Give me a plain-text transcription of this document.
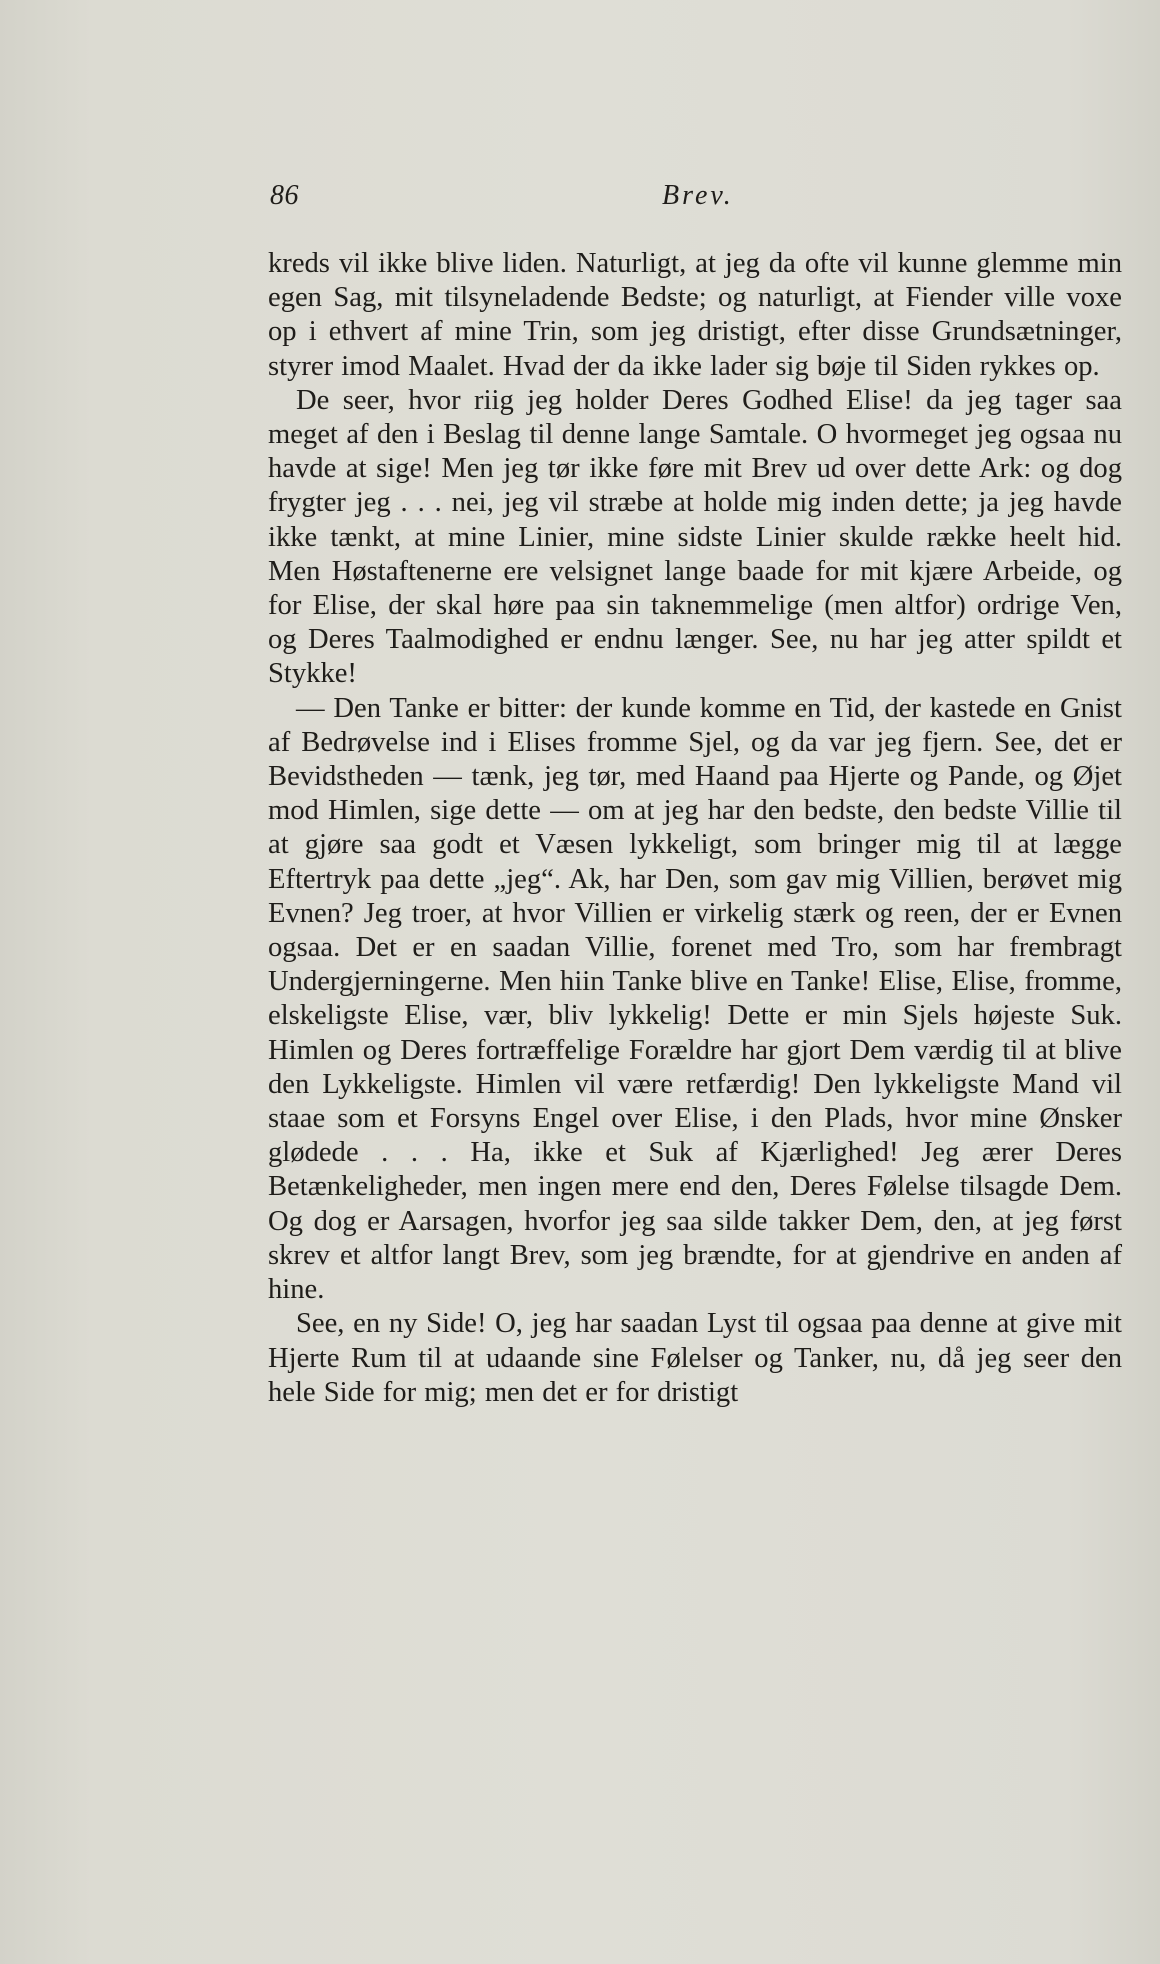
86	Brev.

kreds vil ikke blive liden. Naturligt, at jeg da ofte vil kunne glemme min egen Sag, mit tilsyneladende Bedste; og naturligt, at Fiender ville voxe op i ethvert af mine Trin, som jeg dristigt, efter disse Grundsætninger, styrer imod Maalet. Hvad der da ikke lader sig bøje til Siden rykkes op.

De seer, hvor riig jeg holder Deres Godhed Elise! da jeg tager saa meget af den i Beslag til denne lange Samtale. O hvormeget jeg ogsaa nu havde at sige! Men jeg tør ikke føre mit Brev ud over dette Ark: og dog frygter jeg . . . nei, jeg vil stræbe at holde mig inden dette; ja jeg havde ikke tænkt, at mine Linier, mine sidste Linier skulde række heelt hid. Men Høstaftenerne ere velsignet lange baade for mit kjære Arbeide, og for Elise, der skal høre paa sin taknemmelige (men altfor) ordrige Ven, og Deres Taalmodighed er endnu længer. See, nu har jeg atter spildt et Stykke!

— Den Tanke er bitter: der kunde komme en Tid, der kastede en Gnist af Bedrøvelse ind i Elises fromme Sjel, og da var jeg fjern. See, det er Bevidstheden — tænk, jeg tør, med Haand paa Hjerte og Pande, og Øjet mod Himlen, sige dette — om at jeg har den bedste, den bedste Villie til at gjøre saa godt et Væsen lykkeligt, som bringer mig til at lægge Eftertryk paa dette „jeg“. Ak, har Den, som gav mig Villien, berøvet mig Evnen? Jeg troer, at hvor Villien er virkelig stærk og reen, der er Evnen ogsaa. Det er en saadan Villie, forenet med Tro, som har frembragt Undergjerningerne. Men hiin Tanke blive en Tanke! Elise, Elise, fromme, elskeligste Elise, vær, bliv lykkelig! Dette er min Sjels højeste Suk. Himlen og Deres fortræffelige Forældre har gjort Dem værdig til at blive den Lykkeligste. Himlen vil være retfærdig! Den lykkeligste Mand vil staae som et Forsyns Engel over Elise, i den Plads, hvor mine Ønsker glødede . . . Ha, ikke et Suk af Kjærlighed! Jeg ærer Deres Betænkeligheder, men ingen mere end den, Deres Følelse tilsagde Dem. Og dog er Aarsagen, hvorfor jeg saa silde takker Dem, den, at jeg først skrev et altfor langt Brev, som jeg brændte, for at gjendrive en anden af hine.

See, en ny Side! O, jeg har saadan Lyst til ogsaa paa denne at give mit Hjerte Rum til at udaande sine Følelser og Tanker, nu, då jeg seer den hele Side for mig; men det er for dristigt
